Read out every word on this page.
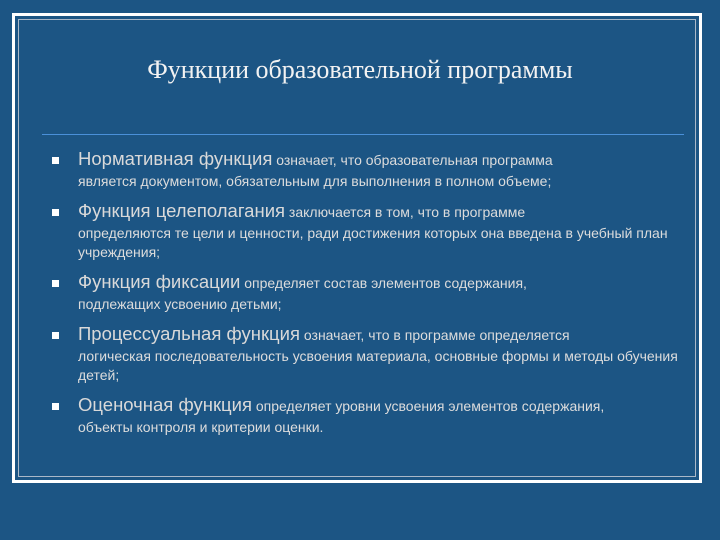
Функции образовательной программы
Нормативная функция означает, что образовательная программа
является документом, обязательным для выполнения в полном объеме;
Функция целеполагания заключается в том, что в программе
определяются те цели и ценности, ради достижения которых она введена в учебный план учреждения;
Функция фиксации определяет состав элементов содержания,
подлежащих усвоению детьми;
Процессуальная функция означает, что в программе определяется
логическая последовательность усвоения материала, основные формы и методы обучения детей;
Оценочная функция определяет уровни усвоения элементов содержания,
объекты контроля и критерии оценки.
